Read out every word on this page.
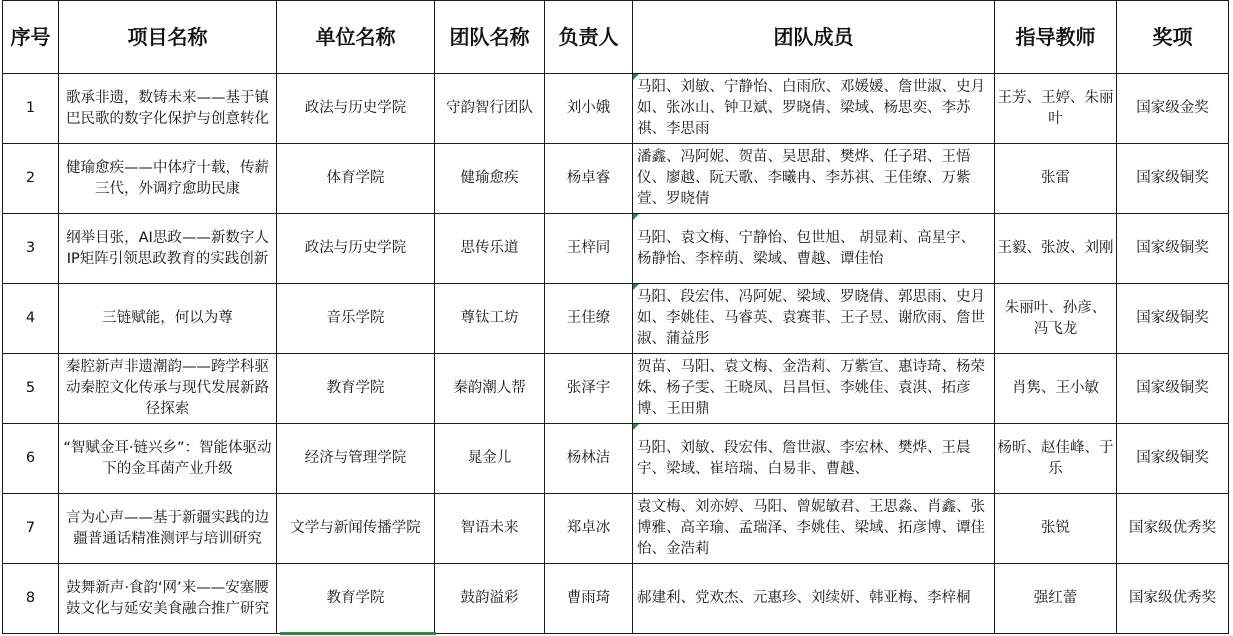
序号	项目名称	单位名称	团队名称	负责人	团队成员	指导教师	奖项
1	歌承非遗，数铸未来——基于镇巴民歌的数字化保护与创意转化	政法与历史学院	守韵智行团队	刘小娥	马阳、刘敏、宁静怡、白雨欣、邓媛媛、詹世淑、史月如、张冰山、钟卫斌、罗晓倩、梁域、杨思奕、李苏祺、李思雨	王芳、王婷、朱丽叶	国家级金奖
2	健瑜愈疾——中体疗十载，传薪三代，外调疗愈助民康	体育学院	健瑜愈疾	杨卓睿	潘鑫、冯阿妮、贺苗、吴思甜、樊烨、任子珺、王悟仪、廖越、阮天歌、李曦冉、李苏祺、王佳缭、万紫萱、罗晓倩	张雷	国家级铜奖
3	纲举目张，AI思政——新数字人IP矩阵引领思政教育的实践创新	政法与历史学院	思传乐道	王梓同	马阳、袁文梅、宁静怡、包世旭、 胡显莉、高星宇、 杨静怡、李梓萌、梁域、曹越、谭佳怡	王毅、张波、刘刚	国家级铜奖
4	三链赋能，何以为尊	音乐学院	尊钛工坊	王佳缭	马阳、段宏伟、冯阿妮、梁域、罗晓倩、郭思雨、史月如、李姚佳、马睿英、袁赛菲、王子昱、谢欣雨、詹世淑、蒲益彤	朱丽叶、孙彦、 冯飞龙	国家级铜奖
5	秦腔新声非遗潮韵——跨学科驱动秦腔文化传承与现代发展新路径探索	教育学院	秦韵潮人帮	张泽宇	贺苗、马阳、袁文梅、金浩莉、万紫宣、惠诗琦、杨荣姝、杨子雯、王晓凤、吕昌恒、李姚佳、袁淇、拓彦博、王田鼎	肖隽、王小敏	国家级铜奖
6	“智赋金耳·链兴乡”：智能体驱动下的金耳菌产业升级	经济与管理学院	晁金儿	杨林洁	马阳、刘敏、段宏伟、詹世淑、李宏林、樊烨、王晨宇、梁域、崔培瑞、白易非、曹越、	杨昕、赵佳峰、于乐	国家级铜奖
7	言为心声——基于新疆实践的边疆普通话精准测评与培训研究	文学与新闻传播学院	智语未来	郑卓冰	袁文梅、刘亦婷、马阳、曾妮敏君、王思淼、肖鑫、张博雅、高辛瑜、孟瑞泽、李姚佳、梁域、拓彦博、谭佳怡、金浩莉	张锐	国家级优秀奖
8	鼓舞新声·食韵‘网’来——安塞腰鼓文化与延安美食融合推广研究	教育学院	鼓韵溢彩	曹雨琦	郝建利、党欢杰、元惠珍、刘续妍、韩亚梅、李梓桐	强红蕾	国家级优秀奖
